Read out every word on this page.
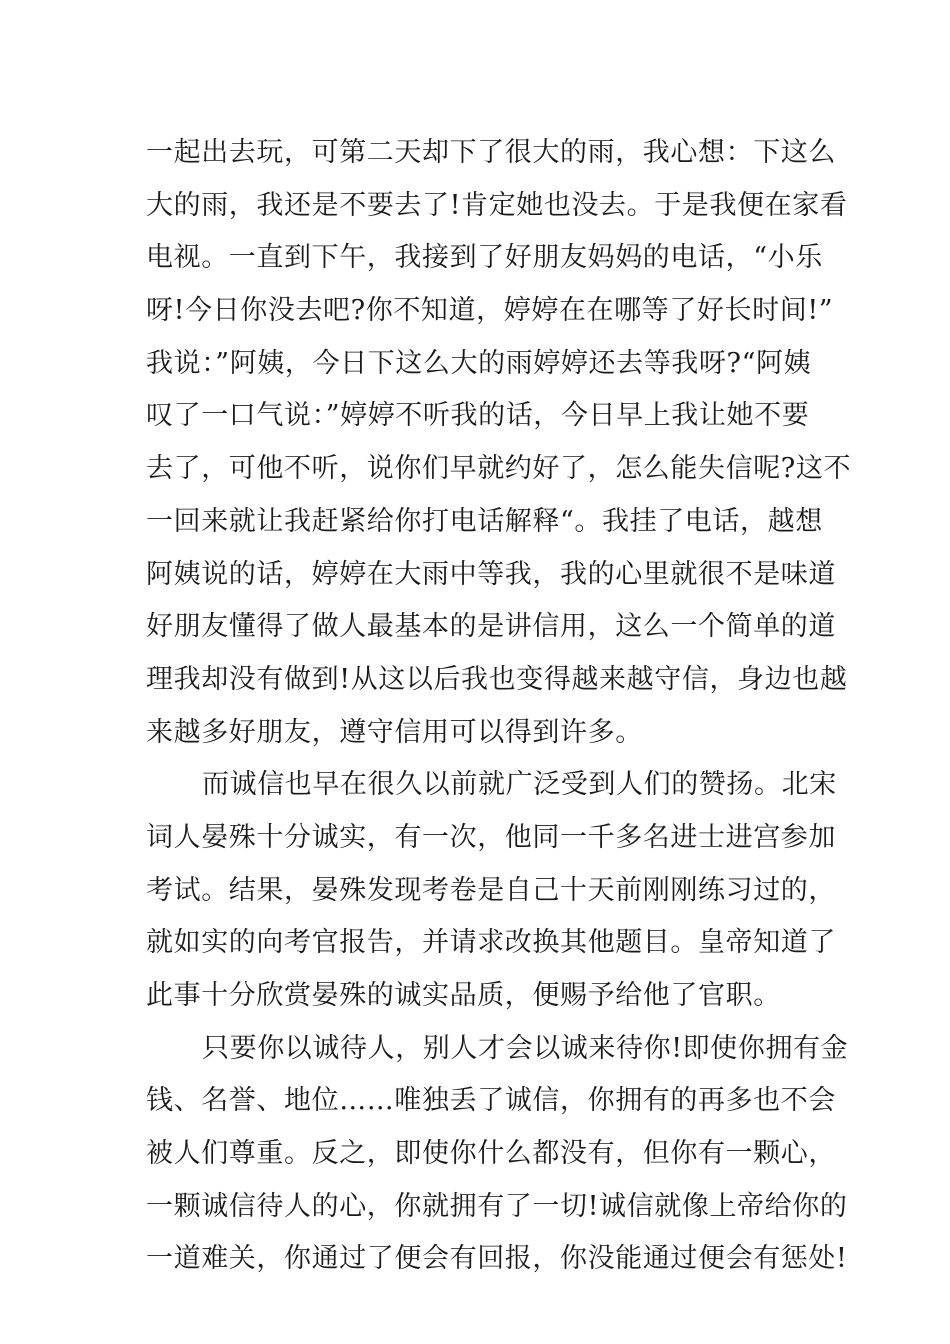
一起出去玩，可第二天却下了很大的雨，我心想：下这么
大的雨，我还是不要去了!肯定她也没去。于是我便在家看
电视。一直到下午，我接到了好朋友妈妈的电话，“小乐
呀!今日你没去吧?你不知道，婷婷在在哪等了好长时间!”
我说：”阿姨，今日下这么大的雨婷婷还去等我呀?“阿姨
叹了一口气说：”婷婷不听我的话，今日早上我让她不要
去了，可他不听，说你们早就约好了，怎么能失信呢?这不
一回来就让我赶紧给你打电话解释“。我挂了电话，越想
阿姨说的话，婷婷在大雨中等我，我的心里就很不是味道
好朋友懂得了做人最基本的是讲信用，这么一个简单的道
理我却没有做到!从这以后我也变得越来越守信，身边也越
来越多好朋友，遵守信用可以得到许多。
而诚信也早在很久以前就广泛受到人们的赞扬。北宋
词人晏殊十分诚实，有一次，他同一千多名进士进宫参加
考试。结果，晏殊发现考卷是自己十天前刚刚练习过的，
就如实的向考官报告，并请求改换其他题目。皇帝知道了
此事十分欣赏晏殊的诚实品质，便赐予给他了官职。
只要你以诚待人，别人才会以诚来待你!即使你拥有金
钱、名誉、地位……唯独丢了诚信，你拥有的再多也不会
被人们尊重。反之，即使你什么都没有，但你有一颗心，
一颗诚信待人的心，你就拥有了一切!诚信就像上帝给你的
一道难关，你通过了便会有回报，你没能通过便会有惩处!
